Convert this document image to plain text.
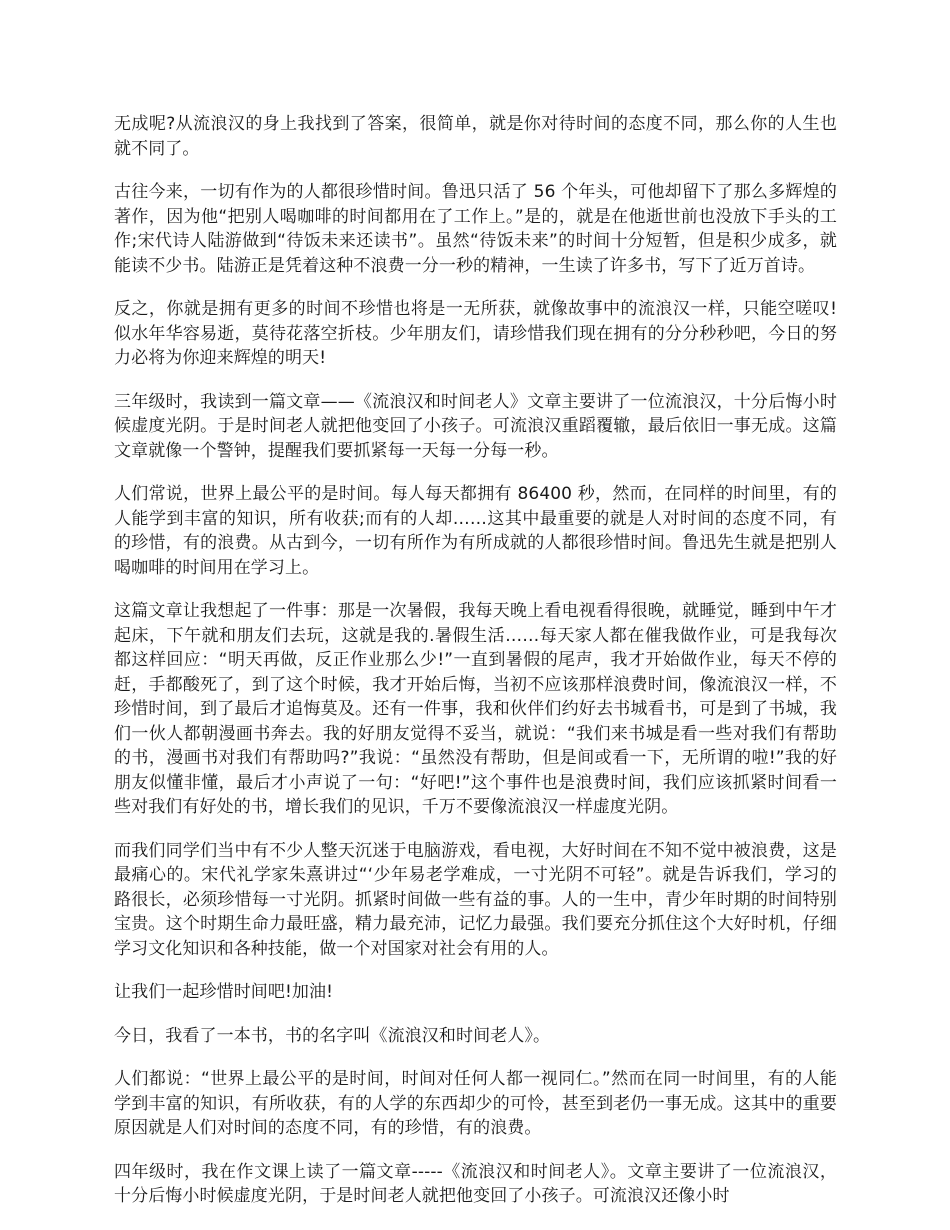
无成呢?从流浪汉的身上我找到了答案，很简单，就是你对待时间的态度不同，那么你的人生也就不同了。

古往今来，一切有作为的人都很珍惜时间。鲁迅只活了 56 个年头，可他却留下了那么多辉煌的著作，因为他“把别人喝咖啡的时间都用在了工作上。”是的，就是在他逝世前也没放下手头的工作;宋代诗人陆游做到“待饭未来还读书”。虽然“待饭未来”的时间十分短暂，但是积少成多，就能读不少书。陆游正是凭着这种不浪费一分一秒的精神，一生读了许多书，写下了近万首诗。

反之，你就是拥有更多的时间不珍惜也将是一无所获，就像故事中的流浪汉一样，只能空嗟叹!似水年华容易逝，莫待花落空折枝。少年朋友们，请珍惜我们现在拥有的分分秒秒吧，今日的努力必将为你迎来辉煌的明天!

三年级时，我读到一篇文章——《流浪汉和时间老人》文章主要讲了一位流浪汉，十分后悔小时候虚度光阴。于是时间老人就把他变回了小孩子。可流浪汉重蹈覆辙，最后依旧一事无成。这篇文章就像一个警钟，提醒我们要抓紧每一天每一分每一秒。

人们常说，世界上最公平的是时间。每人每天都拥有 86400 秒，然而，在同样的时间里，有的人能学到丰富的知识，所有收获;而有的人却……这其中最重要的就是人对时间的态度不同，有的珍惜，有的浪费。从古到今，一切有所作为有所成就的人都很珍惜时间。鲁迅先生就是把别人喝咖啡的时间用在学习上。

这篇文章让我想起了一件事：那是一次暑假，我每天晚上看电视看得很晚，就睡觉，睡到中午才起床，下午就和朋友们去玩，这就是我的.暑假生活……每天家人都在催我做作业，可是我每次都这样回应：“明天再做，反正作业那么少!”一直到暑假的尾声，我才开始做作业，每天不停的赶，手都酸死了，到了这个时候，我才开始后悔，当初不应该那样浪费时间，像流浪汉一样，不珍惜时间，到了最后才追悔莫及。还有一件事，我和伙伴们约好去书城看书，可是到了书城，我们一伙人都朝漫画书奔去。我的好朋友觉得不妥当，就说：“我们来书城是看一些对我们有帮助的书，漫画书对我们有帮助吗?”我说：“虽然没有帮助，但是间或看一下，无所谓的啦!”我的好朋友似懂非懂，最后才小声说了一句：“好吧!”这个事件也是浪费时间，我们应该抓紧时间看一些对我们有好处的书，增长我们的见识，千万不要像流浪汉一样虚度光阴。

而我们同学们当中有不少人整天沉迷于电脑游戏，看电视，大好时间在不知不觉中被浪费，这是最痛心的。宋代礼学家朱熹讲过“‘少年易老学难成，一寸光阴不可轻”。就是告诉我们，学习的路很长，必须珍惜每一寸光阴。抓紧时间做一些有益的事。人的一生中，青少年时期的时间特别宝贵。这个时期生命力最旺盛，精力最充沛，记忆力最强。我们要充分抓住这个大好时机，仔细学习文化知识和各种技能，做一个对国家对社会有用的人。

让我们一起珍惜时间吧!加油!

今日，我看了一本书，书的名字叫《流浪汉和时间老人》。

人们都说：“世界上最公平的是时间，时间对任何人都一视同仁。”然而在同一时间里，有的人能学到丰富的知识，有所收获，有的人学的东西却少的可怜，甚至到老仍一事无成。这其中的重要原因就是人们对时间的态度不同，有的珍惜，有的浪费。

四年级时，我在作文课上读了一篇文章-----《流浪汉和时间老人》。文章主要讲了一位流浪汉，十分后悔小时候虚度光阴，于是时间老人就把他变回了小孩子。可流浪汉还像小时
